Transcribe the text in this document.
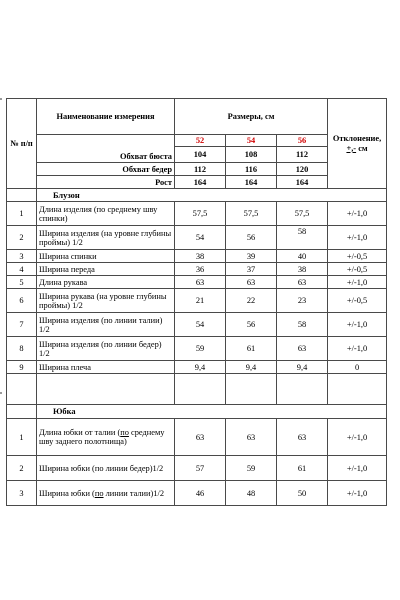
№ п/п	Наименование измерения	Размеры, см			Отклонение,
+,- см
	Обхват бюста	52	54	56	
		104	108	112	
	Обхват бедер	112	116	120	
	Рост	164	164	164	
	Блузон				
1	Длина изделия (по среднему шву спинки)	57,5	57,5	57,5	+/-1,0
2	Ширина изделия (на уровне глубины проймы) 1/2	54	56	58	+/-1,0
3	Ширина спинки	38	39	40	+/-0,5
4	Ширина переда	36	37	38	+/-0,5
5	Длина рукава	63	63	63	+/-1,0
6	Ширина рукава (на уровне глубины проймы) 1/2	21	22	23	+/-0,5
7	Ширина изделия (по линии талии) 1/2	54	56	58	+/-1,0
8	Ширина изделия (по линии бедер) 1/2	59	61	63	+/-1,0
9	Ширина плеча	9,4	9,4	9,4	0

	Юбка				
1	Длина юбки от талии (по среднему шву заднего полотнища)	63	63	63	+/-1,0
2	Ширина юбки (по линии бедер)1/2	57	59	61	+/-1,0
3	Ширина юбки (по линии талии)1/2	46	48	50	+/-1,0
